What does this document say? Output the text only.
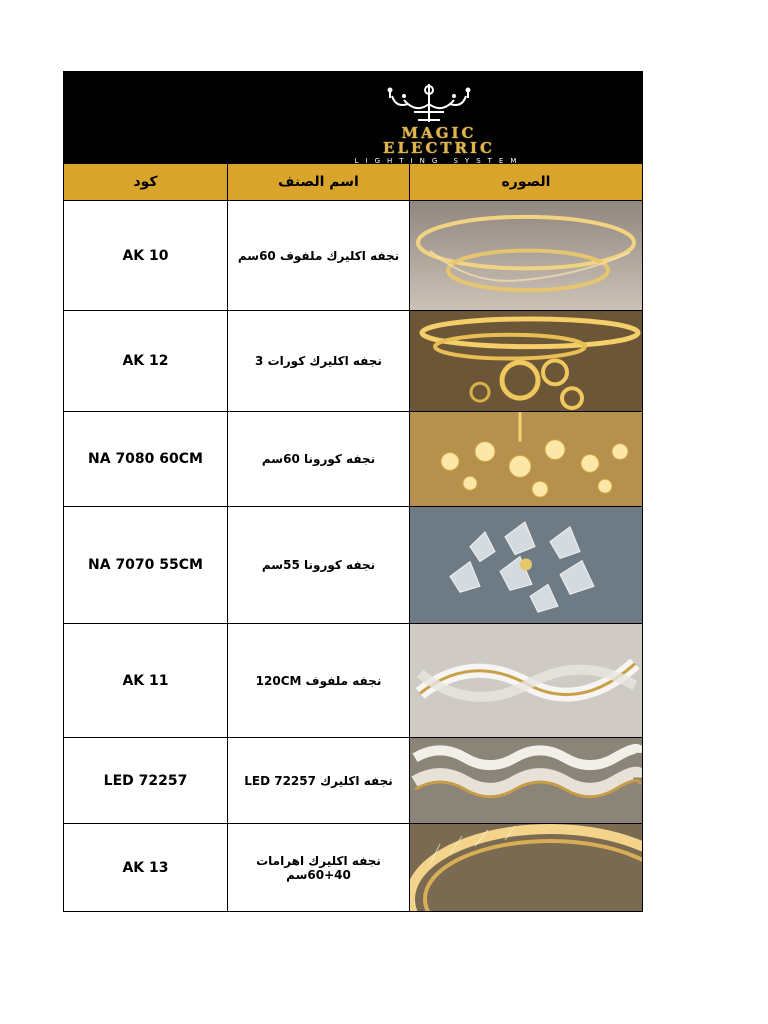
MAGIC
ELECTRIC
LIGHTING SYSTEM
كود	اسم الصنف	الصوره
AK 10	نجفه اكليرك ملفوف 60سم
AK 12	نجفه اكليرك كورات 3
NA 7080 60CM	نجفه كورونا 60سم
NA 7070 55CM	نجفه كورونا 55سم
AK 11	نجفه ملفوف 120CM
LED 72257	نجفه اكليرك LED 72257
AK 13	نجفه اكليرك اهرامات 40+60سم
